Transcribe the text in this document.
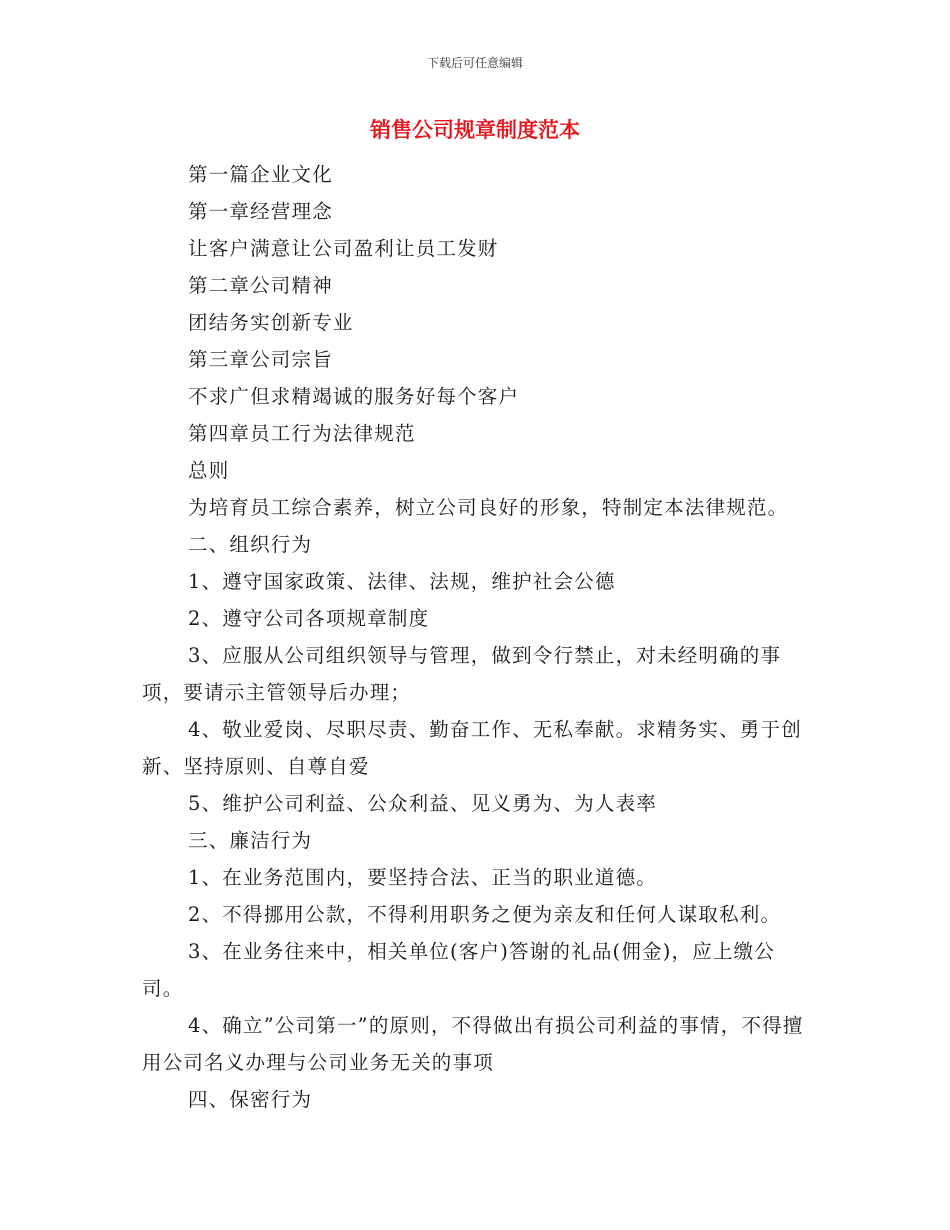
下载后可任意编辑
销售公司规章制度范本

第一篇企业文化

第一章经营理念

让客户满意让公司盈利让员工发财

第二章公司精神

团结务实创新专业

第三章公司宗旨

不求广但求精竭诚的服务好每个客户

第四章员工行为法律规范

总则

为培育员工综合素养，树立公司良好的形象，特制定本法律规范。

二、组织行为

1、遵守国家政策、法律、法规，维护社会公德

2、遵守公司各项规章制度

3、应服从公司组织领导与管理，做到令行禁止，对未经明确的事项，要请示主管领导后办理；

4、敬业爱岗、尽职尽责、勤奋工作、无私奉献。求精务实、勇于创新、坚持原则、自尊自爱

5、维护公司利益、公众利益、见义勇为、为人表率

三、廉洁行为

1、在业务范围内，要坚持合法、正当的职业道德。

2、不得挪用公款，不得利用职务之便为亲友和任何人谋取私利。

3、在业务往来中，相关单位(客户)答谢的礼品(佣金)，应上缴公司。

4、确立”公司第一”的原则，不得做出有损公司利益的事情，不得擅用公司名义办理与公司业务无关的事项

四、保密行为
